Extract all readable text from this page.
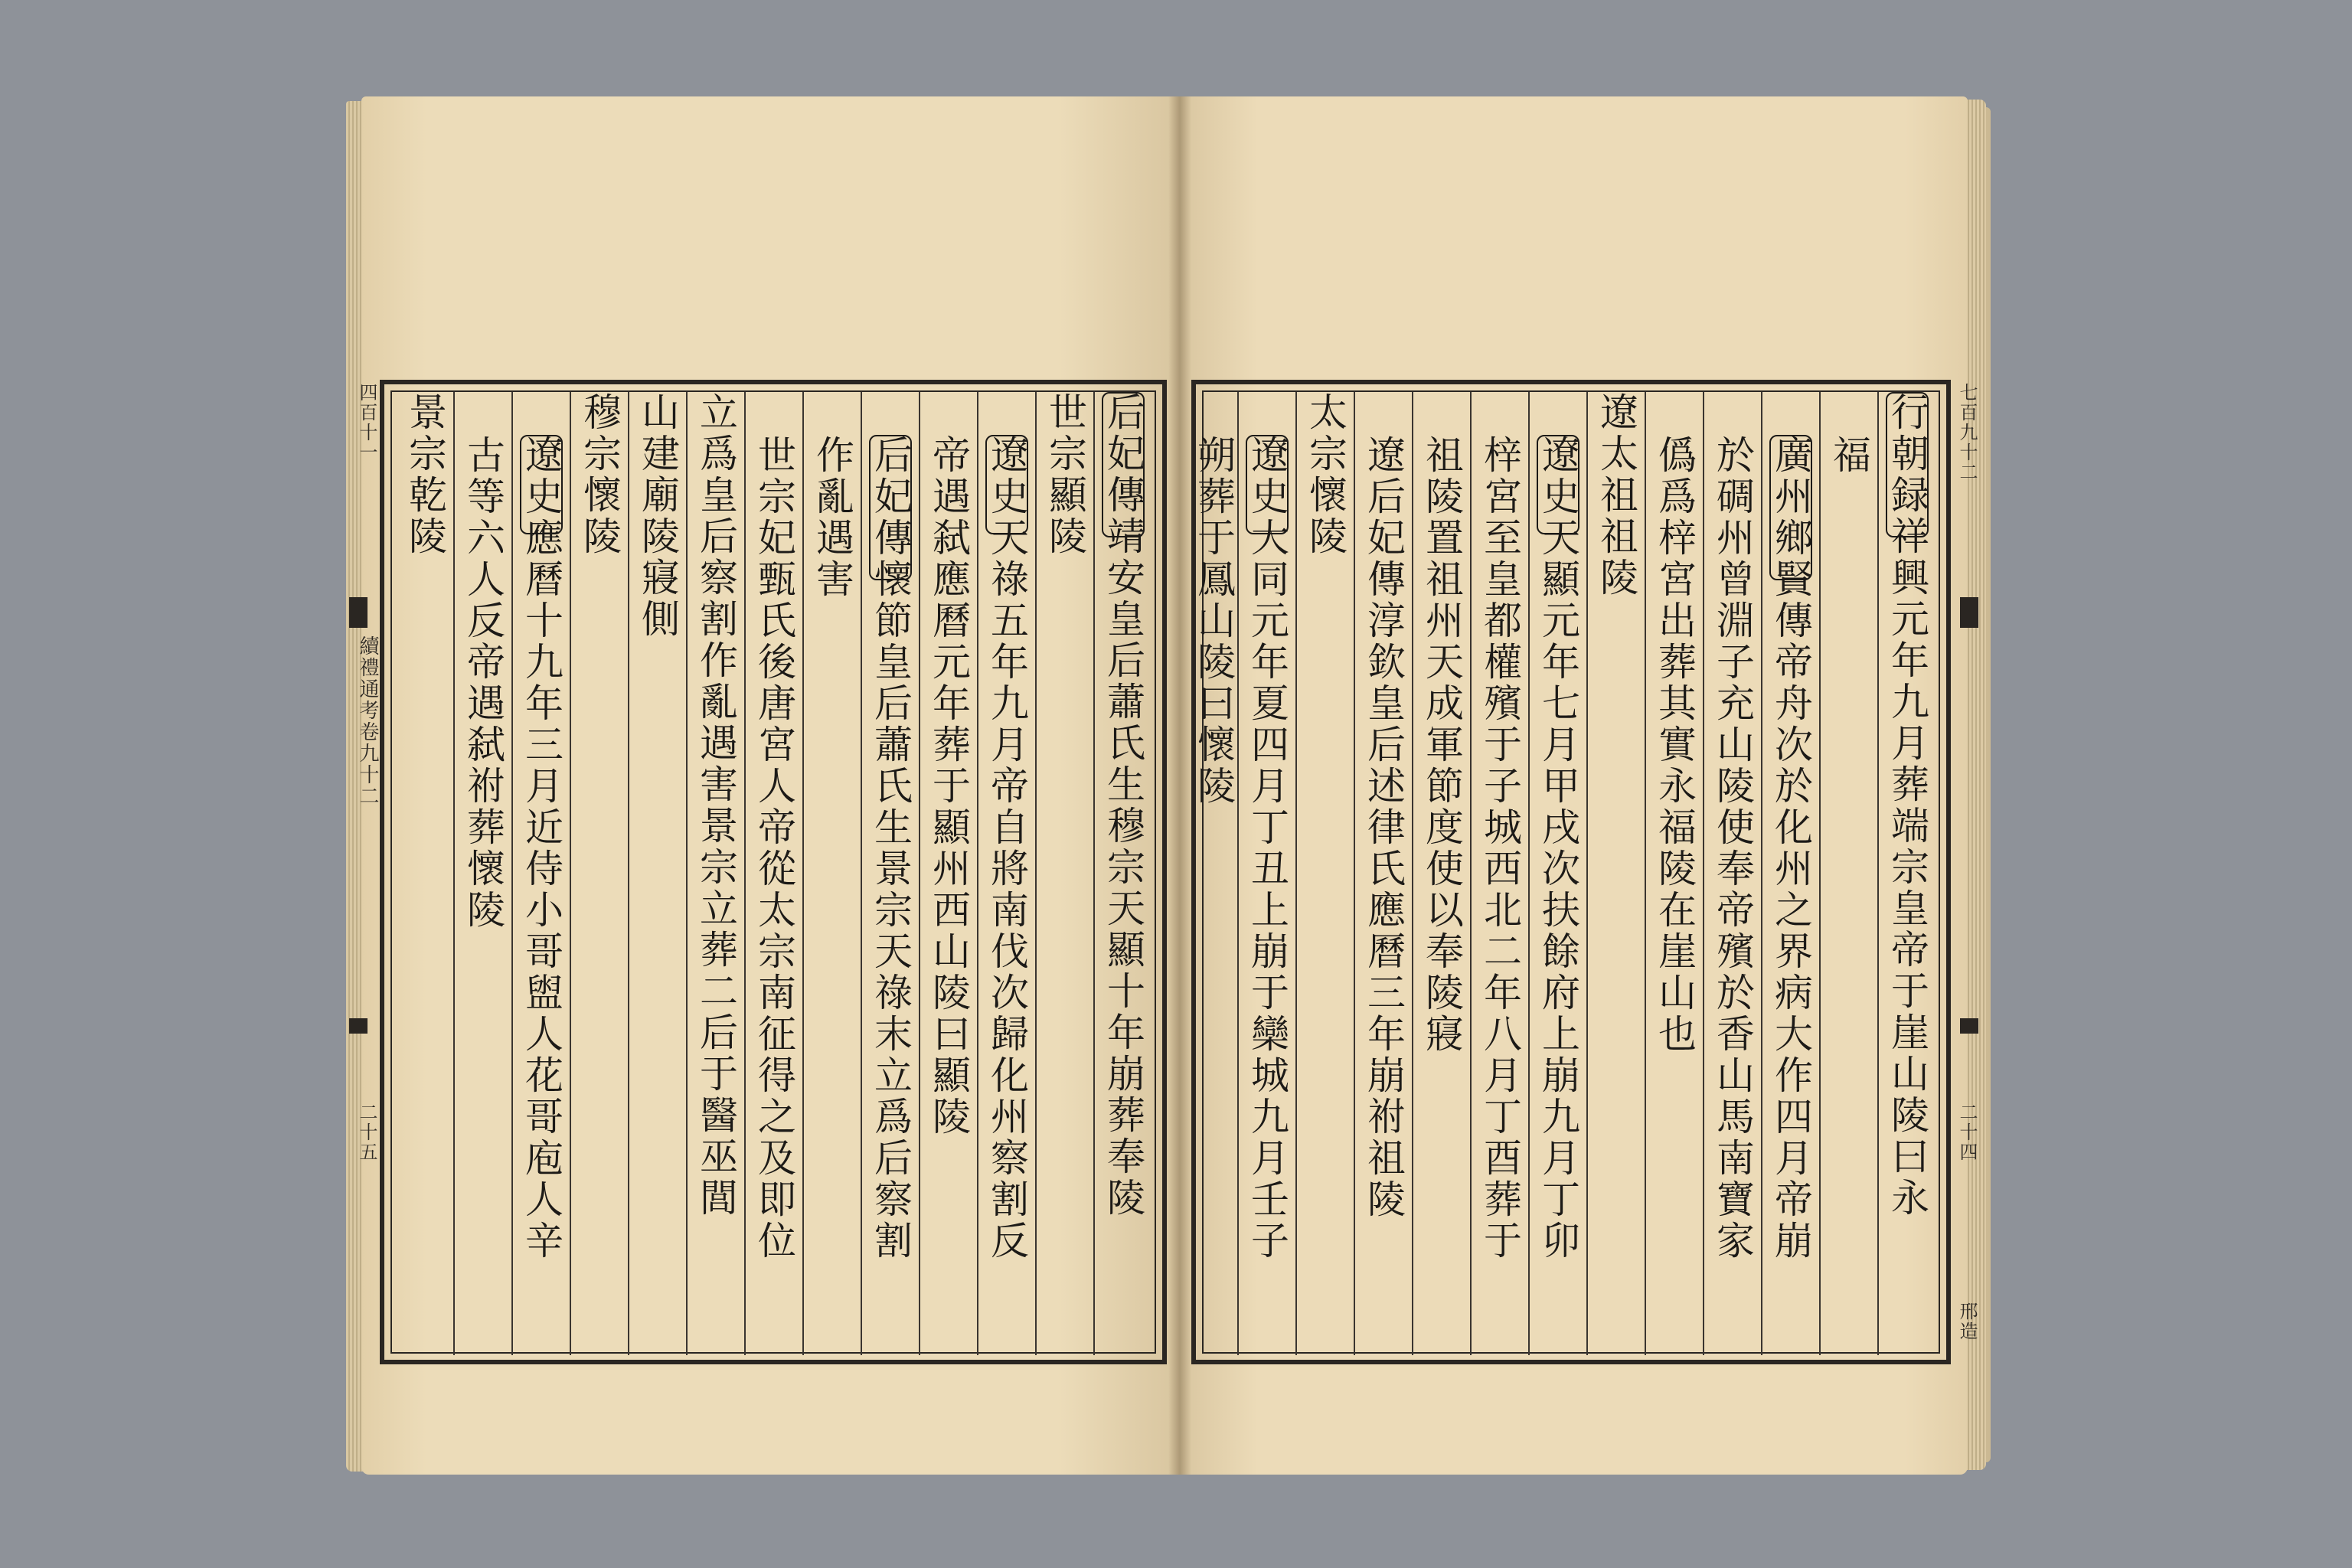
四百十一
續禮通考卷九十二
二十五	后妃傳靖安皇后蕭氏生穆宗天顯十年崩葬奉陵
世宗顯陵
遼史天祿五年九月帝自將南伐次歸化州察割反
帝遇弑應曆元年葬于顯州西山陵曰顯陵
后妃傳懷節皇后蕭氏生景宗天祿末立爲后察割
作亂遇害
世宗妃甄氏後唐宮人帝從太宗南征得之及即位
立爲皇后察割作亂遇害景宗立葬二后于醫巫閭
山建廟陵寢側
穆宗懷陵
遼史應曆十九年三月近侍小哥盥人花哥庖人辛
古等六人反帝遇弑祔葬懷陵
景宗乾陵	七百九十二
二十四
邢造
行朝録祥興元年九月葬端宗皇帝于崖山陵曰永
福
廣州鄉賢傳帝舟次於化州之界病大作四月帝崩
於碉州曾淵子充山陵使奉帝殯於香山馬南寶家
僞爲梓宮出葬其實永福陵在崖山也
遼太祖祖陵
遼史天顯元年七月甲戌次扶餘府上崩九月丁卯
梓宮至皇都權殯于子城西北二年八月丁酉葬于
祖陵置祖州天成軍節度使以奉陵寢
遼后妃傳淳欽皇后述律氏應曆三年崩祔祖陵
太宗懷陵
遼史大同元年夏四月丁丑上崩于欒城九月壬子
朔葬于鳳山陵曰懷陵
